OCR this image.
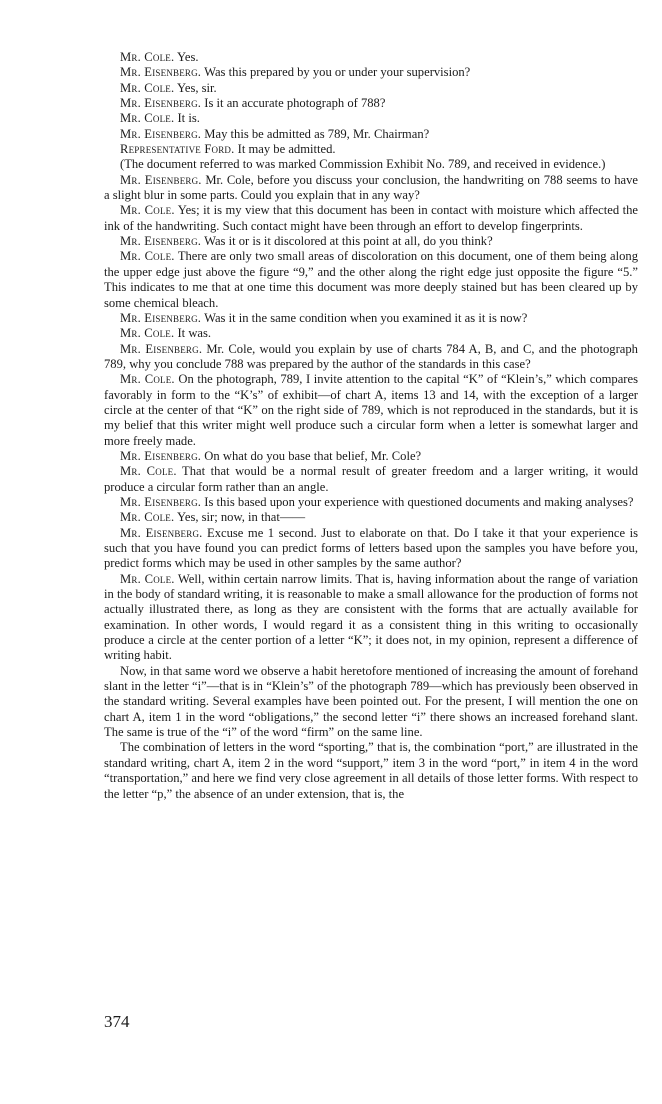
Mr. Cole. Yes.

Mr. Eisenberg. Was this prepared by you or under your supervision?

Mr. Cole. Yes, sir.

Mr. Eisenberg. Is it an accurate photograph of 788?

Mr. Cole. It is.

Mr. Eisenberg. May this be admitted as 789, Mr. Chairman?

Representative Ford. It may be admitted.

(The document referred to was marked Commission Exhibit No. 789, and received in evidence.)

Mr. Eisenberg. Mr. Cole, before you discuss your conclusion, the handwriting on 788 seems to have a slight blur in some parts. Could you explain that in any way?

Mr. Cole. Yes; it is my view that this document has been in contact with moisture which affected the ink of the handwriting. Such contact might have been through an effort to develop fingerprints.

Mr. Eisenberg. Was it or is it discolored at this point at all, do you think?

Mr. Cole. There are only two small areas of discoloration on this document, one of them being along the upper edge just above the figure “9,” and the other along the right edge just opposite the figure “5.” This indicates to me that at one time this document was more deeply stained but has been cleared up by some chemical bleach.

Mr. Eisenberg. Was it in the same condition when you examined it as it is now?

Mr. Cole. It was.

Mr. Eisenberg. Mr. Cole, would you explain by use of charts 784 A, B, and C, and the photograph 789, why you conclude 788 was prepared by the author of the standards in this case?

Mr. Cole. On the photograph, 789, I invite attention to the capital “K” of “Klein’s,” which compares favorably in form to the “K’s” of exhibit—of chart A, items 13 and 14, with the exception of a larger circle at the center of that “K” on the right side of 789, which is not reproduced in the standards, but it is my belief that this writer might well produce such a circular form when a letter is somewhat larger and more freely made.

Mr. Eisenberg. On what do you base that belief, Mr. Cole?

Mr. Cole. That that would be a normal result of greater freedom and a larger writing, it would produce a circular form rather than an angle.

Mr. Eisenberg. Is this based upon your experience with questioned documents and making analyses?

Mr. Cole. Yes, sir; now, in that——

Mr. Eisenberg. Excuse me 1 second. Just to elaborate on that. Do I take it that your experience is such that you have found you can predict forms of letters based upon the samples you have before you, predict forms which may be used in other samples by the same author?

Mr. Cole. Well, within certain narrow limits. That is, having information about the range of variation in the body of standard writing, it is reasonable to make a small allowance for the production of forms not actually illustrated there, as long as they are consistent with the forms that are actually available for examination. In other words, I would regard it as a consistent thing in this writing to occasionally produce a circle at the center portion of a letter “K”; it does not, in my opinion, represent a difference of writing habit.

Now, in that same word we observe a habit heretofore mentioned of increasing the amount of forehand slant in the letter “i”—that is in “Klein’s” of the photograph 789—which has previously been observed in the standard writing. Several examples have been pointed out. For the present, I will mention the one on chart A, item 1 in the word “obligations,” the second letter “i” there shows an increased forehand slant. The same is true of the “i” of the word “firm” on the same line.

The combination of letters in the word “sporting,” that is, the combination “port,” are illustrated in the standard writing, chart A, item 2 in the word “support,” item 3 in the word “port,” in item 4 in the word “transportation,” and here we find very close agreement in all details of those letter forms. With respect to the letter “p,” the absence of an under extension, that is, the

374
